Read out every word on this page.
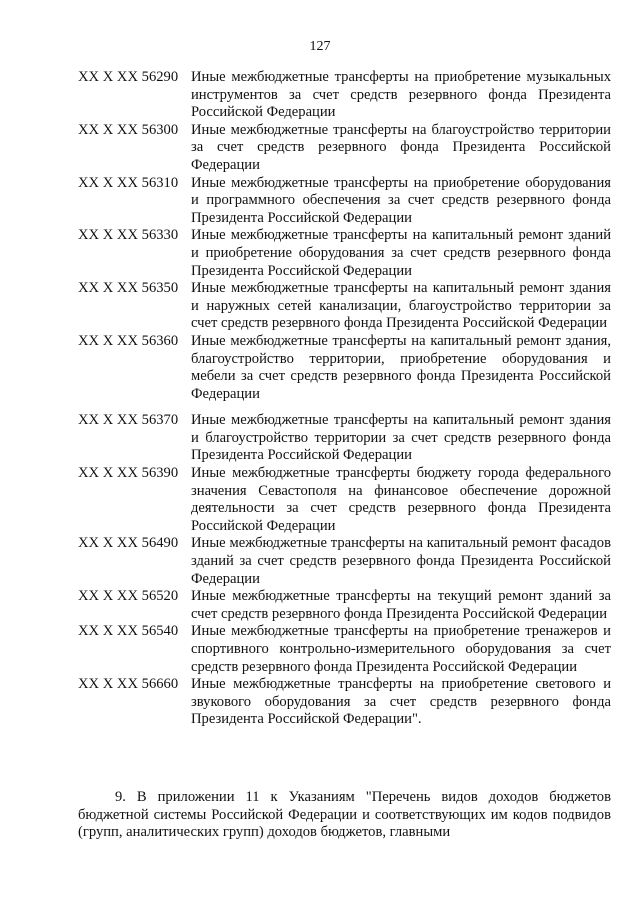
127
XX X XX 56290 Иные межбюджетные трансферты на приобретение музыкальных инструментов за счет средств резервного фонда Президента Российской Федерации
XX X XX 56300 Иные межбюджетные трансферты на благоустройство территории за счет средств резервного фонда Президента Российской Федерации
XX X XX 56310 Иные межбюджетные трансферты на приобретение оборудования и программного обеспечения за счет средств резервного фонда Президента Российской Федерации
XX X XX 56330 Иные межбюджетные трансферты на капитальный ремонт зданий и приобретение оборудования за счет средств резервного фонда Президента Российской Федерации
XX X XX 56350 Иные межбюджетные трансферты на капитальный ремонт здания и наружных сетей канализации, благоустройство территории за счет средств резервного фонда Президента Российской Федерации
XX X XX 56360 Иные межбюджетные трансферты на капитальный ремонт здания, благоустройство территории, приобретение оборудования и мебели за счет средств резервного фонда Президента Российской Федерации
XX X XX 56370 Иные межбюджетные трансферты на капитальный ремонт здания и благоустройство территории за счет средств резервного фонда Президента Российской Федерации
XX X XX 56390 Иные межбюджетные трансферты бюджету города федерального значения Севастополя на финансовое обеспечение дорожной деятельности за счет средств резервного фонда Президента Российской Федерации
XX X XX 56490 Иные межбюджетные трансферты на капитальный ремонт фасадов зданий за счет средств резервного фонда Президента Российской Федерации
XX X XX 56520 Иные межбюджетные трансферты на текущий ремонт зданий за счет средств резервного фонда Президента Российской Федерации
XX X XX 56540 Иные межбюджетные трансферты на приобретение тренажеров и спортивного контрольно-измерительного оборудования за счет средств резервного фонда Президента Российской Федерации
XX X XX 56660 Иные межбюджетные трансферты на приобретение светового и звукового оборудования за счет средств резервного фонда Президента Российской Федерации".

9. В приложении 11 к Указаниям "Перечень видов доходов бюджетов бюджетной системы Российской Федерации и соответствующих им кодов подвидов (групп, аналитических групп) доходов бюджетов, главными
